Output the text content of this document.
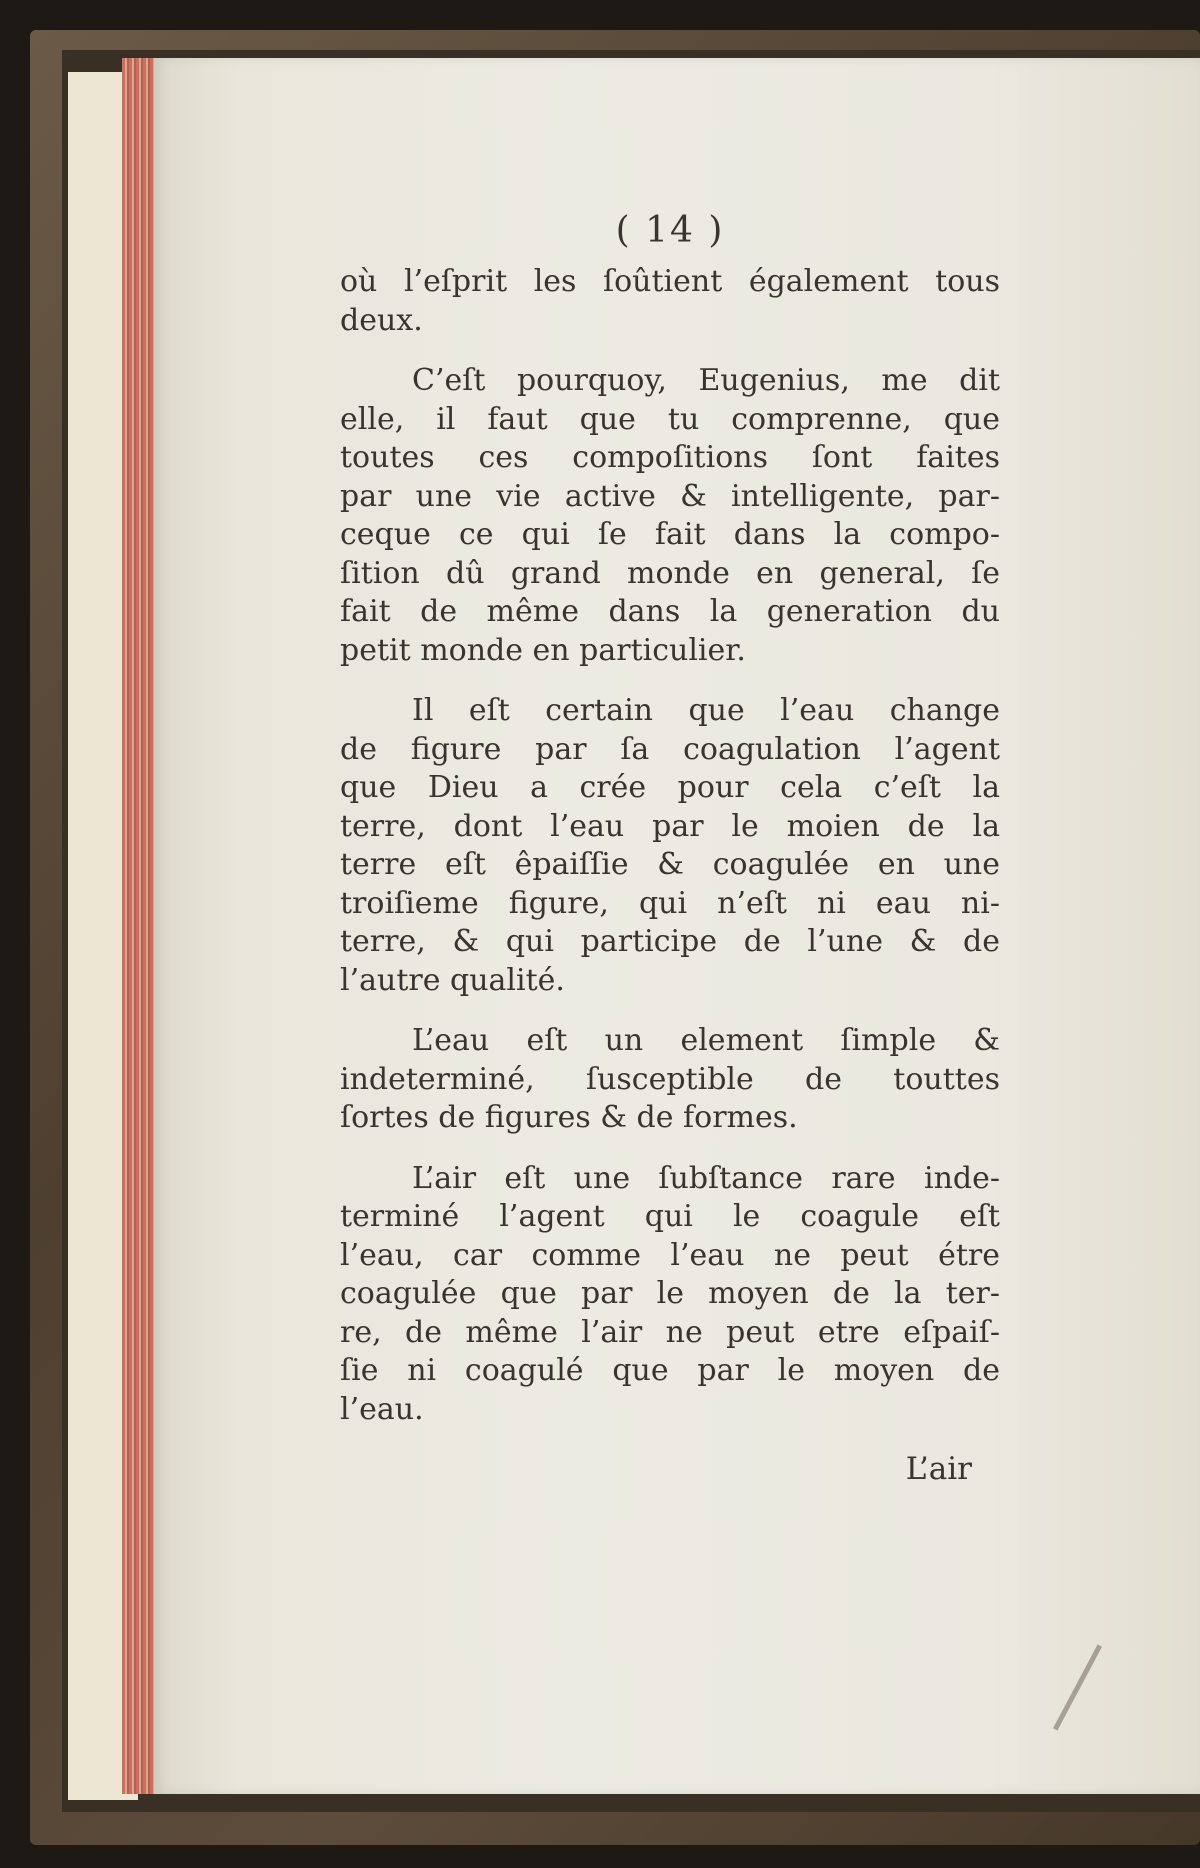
( 14 )

où l’eſprit les ſoûtient également tous
deux.

C’eſt pourquoy, Eugenius, me dit
elle, il faut que tu comprenne, que
toutes ces compoſitions ſont faites
par une vie active & intelligente, par-
ceque ce qui ſe fait dans la compo-
ſition dû grand monde en general, ſe
fait de même dans la generation du
petit monde en particulier.

Il eſt certain que l’eau change
de figure par ſa coagulation l’agent
que Dieu a crée pour cela c’eſt la
terre, dont l’eau par le moien de la
terre eſt êpaiſſie & coagulée en une
troiſieme figure, qui n’eſt ni eau ni-
terre, & qui participe de l’une & de
l’autre qualité.

L’eau eſt un element ſimple &
indeterminé, ſusceptible de touttes
ſortes de figures & de formes.

L’air eſt une ſubſtance rare inde-
terminé l’agent qui le coagule eſt
l’eau, car comme l’eau ne peut étre
coagulée que par le moyen de la ter-
re, de même l’air ne peut etre eſpaiſ-
ſie ni coagulé que par le moyen de
l’eau.

L’air
